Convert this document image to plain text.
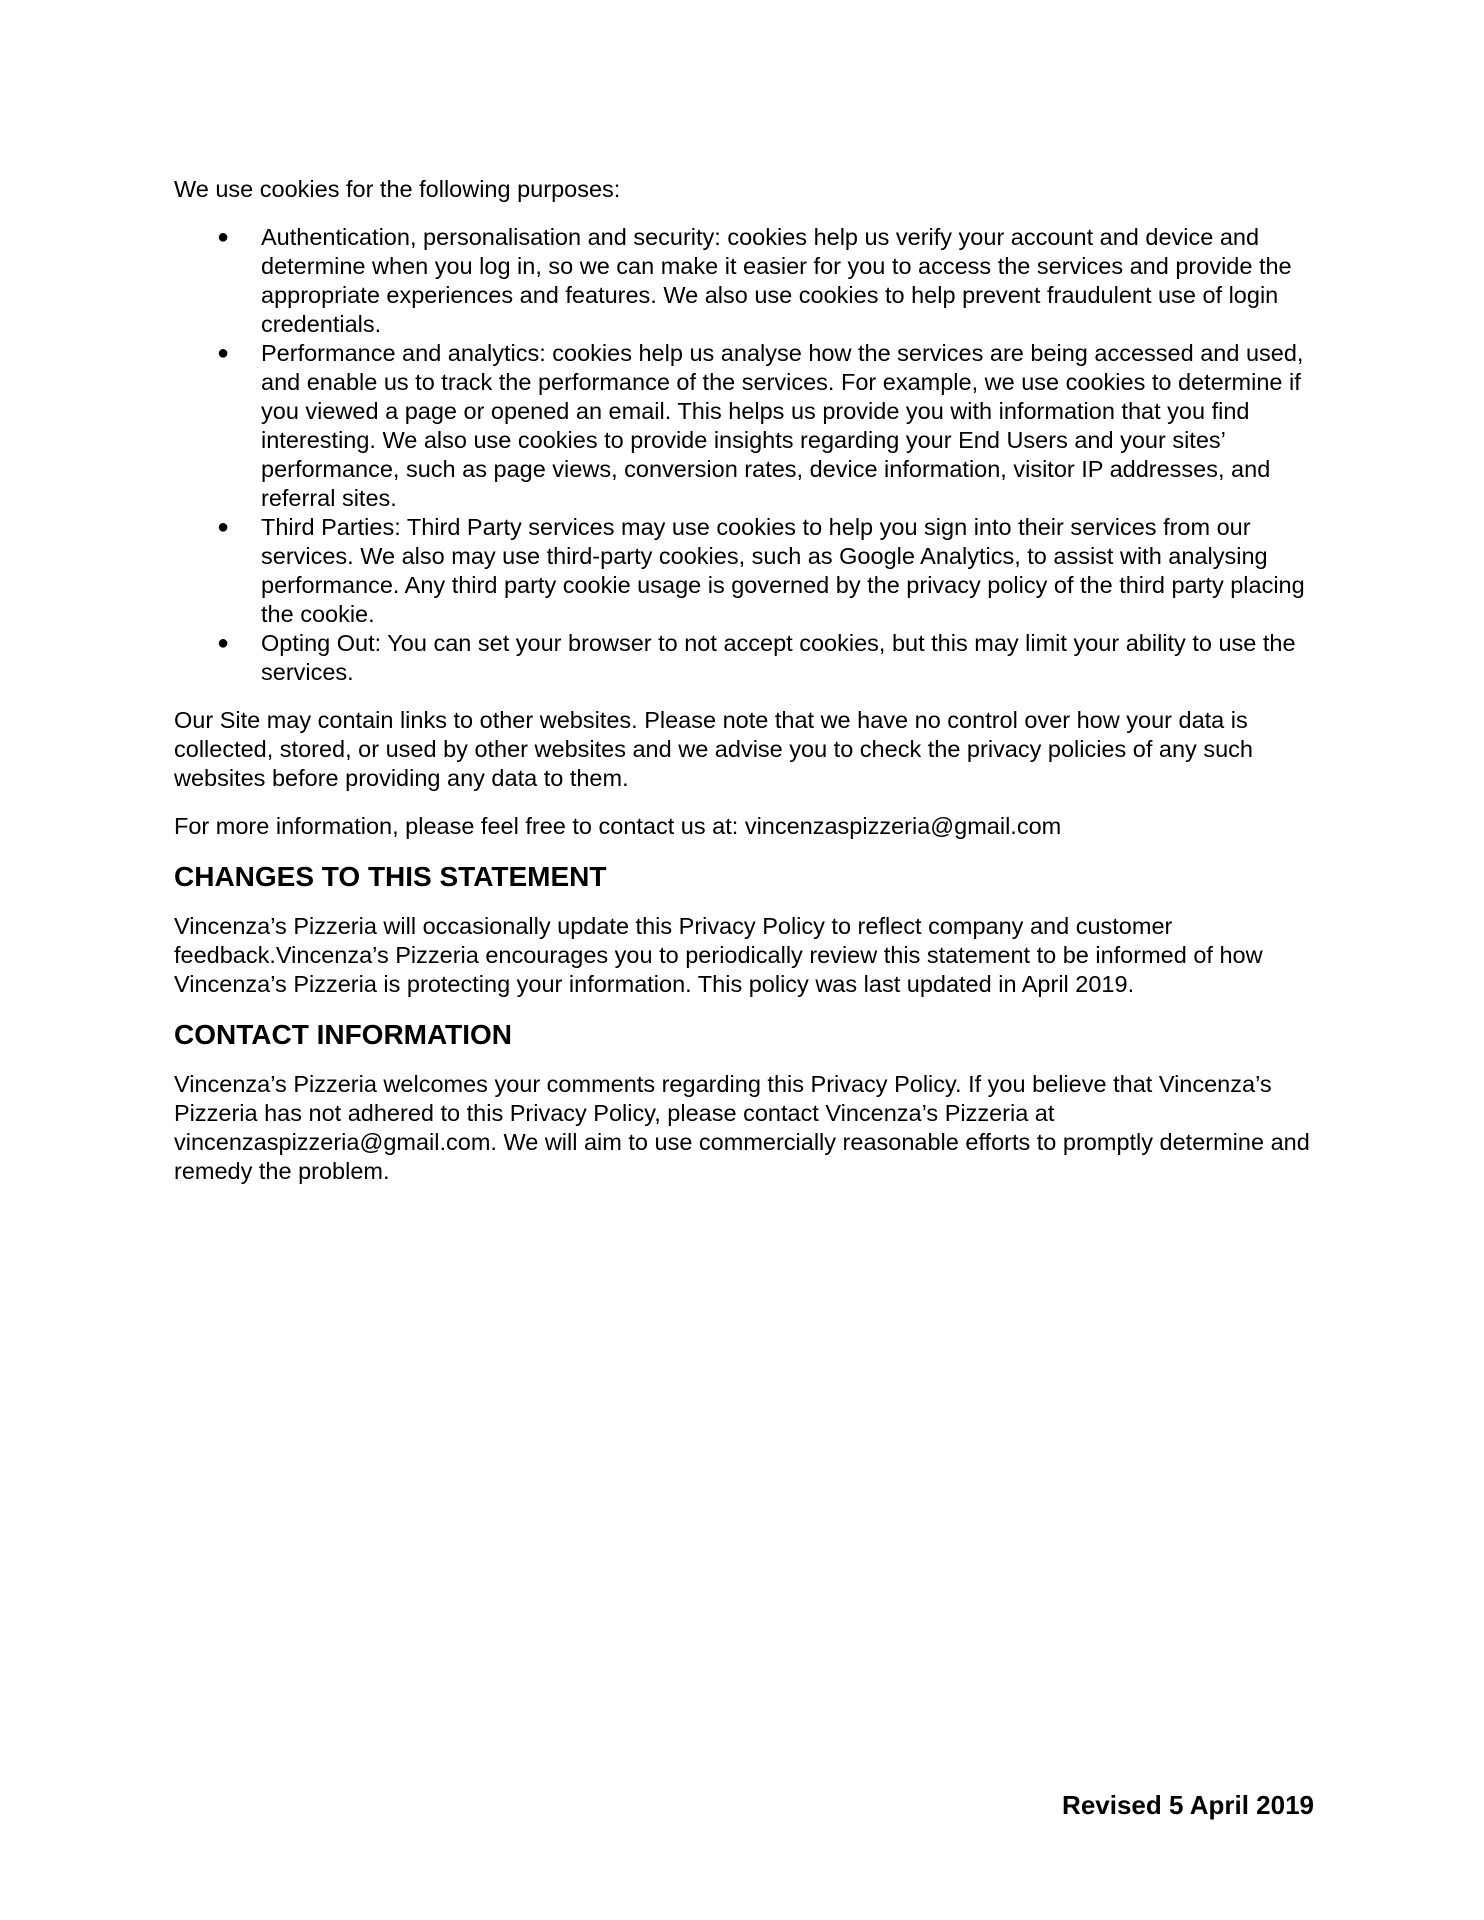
We use cookies for the following purposes:

● Authentication, personalisation and security: cookies help us verify your account and device and determine when you log in, so we can make it easier for you to access the services and provide the appropriate experiences and features. We also use cookies to help prevent fraudulent use of login credentials.
● Performance and analytics: cookies help us analyse how the services are being accessed and used, and enable us to track the performance of the services. For example, we use cookies to determine if you viewed a page or opened an email. This helps us provide you with information that you find interesting. We also use cookies to provide insights regarding your End Users and your sites’ performance, such as page views, conversion rates, device information, visitor IP addresses, and referral sites.
● Third Parties: Third Party services may use cookies to help you sign into their services from our services. We also may use third-party cookies, such as Google Analytics, to assist with analysing performance. Any third party cookie usage is governed by the privacy policy of the third party placing the cookie.
● Opting Out: You can set your browser to not accept cookies, but this may limit your ability to use the services.

Our Site may contain links to other websites. Please note that we have no control over how your data is collected, stored, or used by other websites and we advise you to check the privacy policies of any such websites before providing any data to them.

For more information, please feel free to contact us at: vincenzaspizzeria@gmail.com

CHANGES TO THIS STATEMENT

Vincenza’s Pizzeria will occasionally update this Privacy Policy to reflect company and customer feedback.Vincenza’s Pizzeria encourages you to periodically review this statement to be informed of how Vincenza’s Pizzeria is protecting your information. This policy was last updated in April 2019.

CONTACT INFORMATION

Vincenza’s Pizzeria welcomes your comments regarding this Privacy Policy. If you believe that Vincenza’s Pizzeria has not adhered to this Privacy Policy, please contact Vincenza’s Pizzeria at vincenzaspizzeria@gmail.com. We will aim to use commercially reasonable efforts to promptly determine and remedy the problem.

Revised 5 April 2019
